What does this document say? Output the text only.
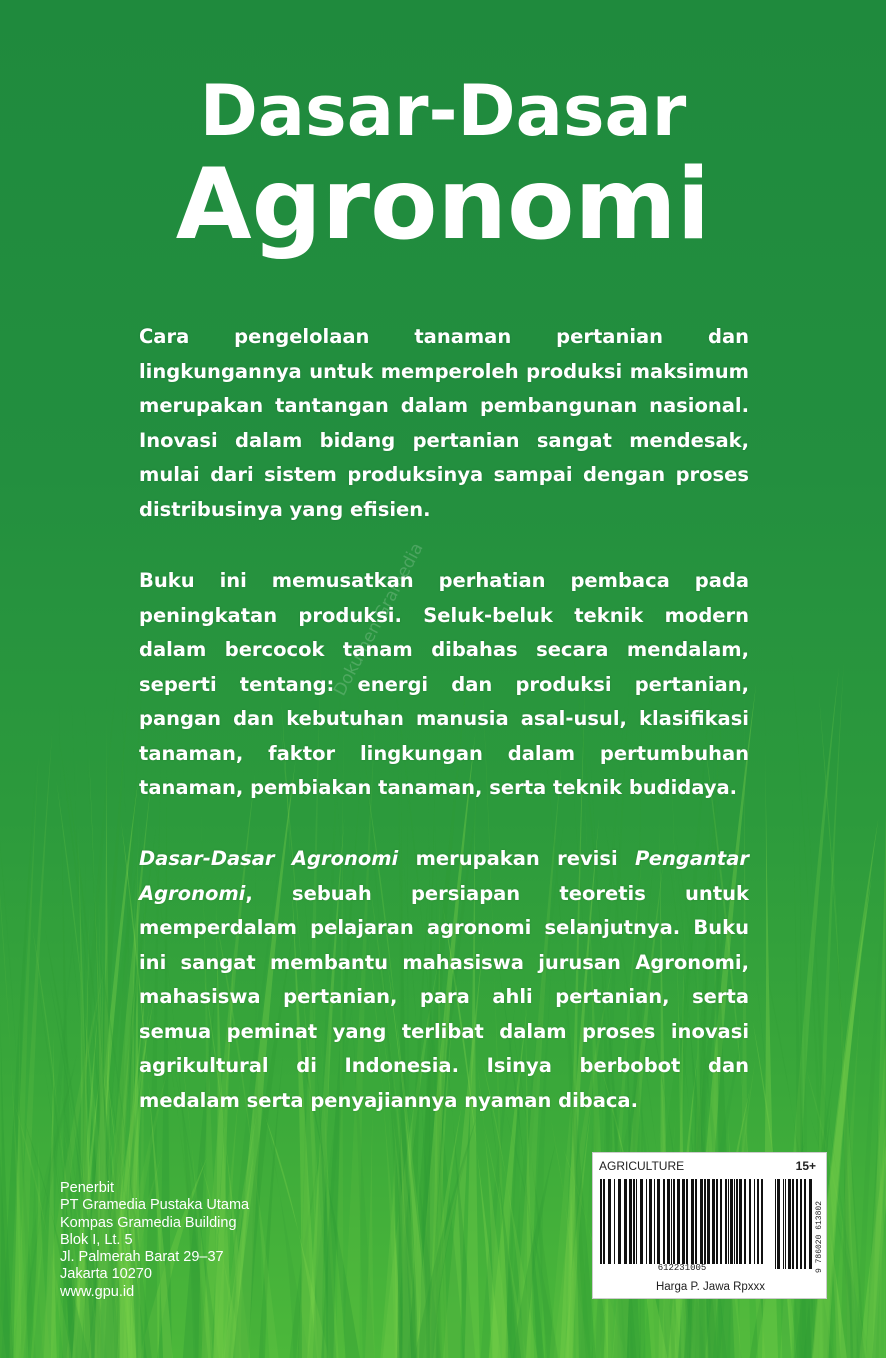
Dasar-Dasar
Agronomi
Cara pengelolaan tanaman pertanian dan lingkungannya untuk memperoleh produksi maksimum merupakan tantangan dalam pembangunan nasional. Inovasi dalam bidang pertanian sangat mendesak, mulai dari sistem produksinya sampai dengan proses distribusinya yang efisien.
Buku ini memusatkan perhatian pembaca pada peningkatan produksi. Seluk-beluk teknik modern dalam bercocok tanam dibahas secara mendalam, seperti tentang: energi dan produksi pertanian, pangan dan kebutuhan manusia asal-usul, klasifikasi tanaman, faktor lingkungan dalam pertumbuhan tanaman, pembiakan tanaman, serta teknik budidaya.
Dasar-Dasar Agronomi merupakan revisi Pengantar Agronomi, sebuah persiapan teoretis untuk memperdalam pelajaran agronomi selanjutnya. Buku ini sangat membantu mahasiswa jurusan Agronomi, mahasiswa pertanian, para ahli pertanian, serta semua peminat yang terlibat dalam proses inovasi agrikultural di Indonesia. Isinya berbobot dan medalam serta penyajiannya nyaman dibaca.
Dokumen Gramedia
Penerbit
PT Gramedia Pustaka Utama
Kompas Gramedia Building
Blok I, Lt. 5
Jl. Palmerah Barat 29–37
Jakarta 10270
www.gpu.id
AGRICULTURE	15+
612231005	9 786020 613802
Harga P. Jawa Rpxxx
